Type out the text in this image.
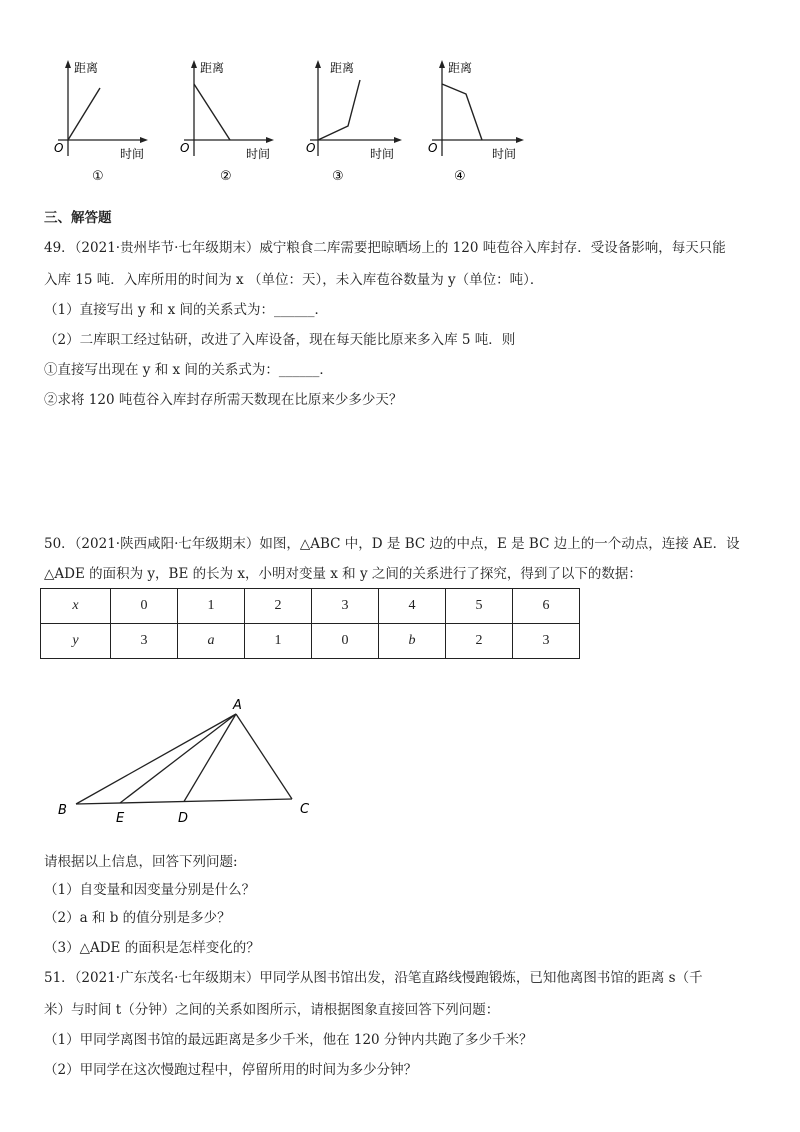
距离
O	时间
①
距离
O	时间
②
距离
O	时间
③
距离
O	时间
④
三、解答题
49．（2021·贵州毕节·七年级期末）威宁粮食二库需要把晾晒场上的 120 吨苞谷入库封存．受设备影响，每天只能
入库 15 吨．入库所用的时间为 x （单位：天），未入库苞谷数量为 y（单位：吨）．
（1）直接写出 y 和 x 间的关系式为：______．
（2）二库职工经过钻研，改进了入库设备，现在每天能比原来多入库 5 吨．则
①直接写出现在 y 和 x 间的关系式为：______．
②求将 120 吨苞谷入库封存所需天数现在比原来少多少天？
50．（2021·陕西咸阳·七年级期末）如图，△ABC 中，D 是 BC 边的中点，E 是 BC 边上的一个动点，连接 AE．设
△ADE 的面积为 y，BE 的长为 x，小明对变量 x 和 y 之间的关系进行了探究，得到了以下的数据：
x	0	1	2	3	4	5	6
y	3	a	1	0	b	2	3
A
B
E	D
C
请根据以上信息，回答下列问题:
（1）自变量和因变量分别是什么？
（2）a 和 b 的值分别是多少？
（3）△ADE 的面积是怎样变化的？
51．（2021·广东茂名·七年级期末）甲同学从图书馆出发，沿笔直路线慢跑锻炼，已知他离图书馆的距离 s（千
米）与时间 t（分钟）之间的关系如图所示，请根据图象直接回答下列问题：
（1）甲同学离图书馆的最远距离是多少千米，他在 120 分钟内共跑了多少千米？
（2）甲同学在这次慢跑过程中，停留所用的时间为多少分钟？
